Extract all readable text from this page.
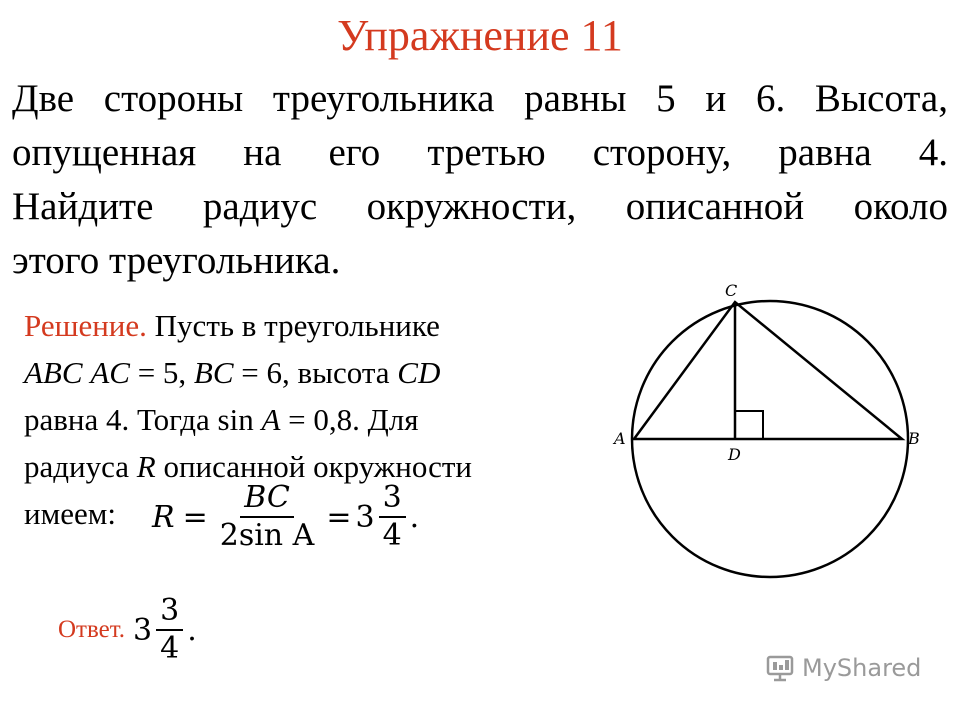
Упражнение 11
Две стороны треугольника равны 5 и 6. Высота,
опущенная на его третью сторону, равна 4.
Найдите радиус окружности, описанной около
этого треугольника.
Решение. Пусть в треугольнике
ABC AC = 5, BC = 6, высота CD
равна 4. Тогда sin A = 0,8. Для
радиуса R описанной окружности
имеем:	$R = \frac{BC}{\text{2sin A}} = 3 \frac{3}{4}$ .
Ответ. $3 \frac{3}{4}$ .
C
A	B
D
MyShared
